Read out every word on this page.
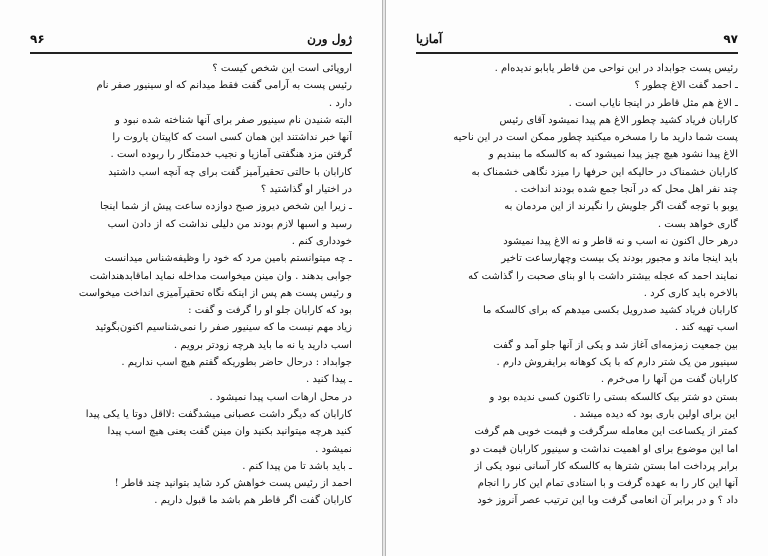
۹۶	ژول ورن
اروپائی است این شخص کیست ؟
رئیس پست به آرامی گفت فقط میدانم که او سینیور صفر نام
دارد .
البته شنیدن نام سینیور صفر برای آنها شناخته شده نبود و
آنها خبر نداشتند این همان کسی است که کاپیتان یاروت را
گرفتن مزد هنگفتی آمازیا و نجیب خدمتگار را ربوده است .
کارابان با حالتی تحقیرآمیز گفت برای چه آنچه اسب داشتید
در اختیار او گذاشتید ؟
ـ زیرا این شخص دیروز صبح دوازده ساعت پیش از شما اینجا
رسید و اسبها لازم بودند من دلیلی نداشت که از دادن اسب
خودداری کنم .
ـ چه میتوانستم بامین مرد که خود را وظیفه‌شناس میدانست
جوابی بدهند . وان مینن میخواست مداخله نماید اماقابدهنداشت
و رئیس پست هم پس از اینکه نگاه تحقیرآمیزی انداخت میخواست
بود که کارابان جلو او را گرفت و گفت :
زیاد مهم نیست ما که سینیور صفر را نمی‌شناسیم اکنون‌بگوئید
اسب دارید یا نه ما باید هرچه زودتر برویم .
جوابداد : درحال حاضر بطوریکه گفتم هیچ اسب نداریم .
ـ پیدا کنید .
در محل ارهات اسب پیدا نمیشود .
کارابان که دیگر داشت عصبانی میشدگفت :لااقل دوتا یا یکی پیدا
کنید هرچه میتوانید بکنید وان مینن گفت یعنی هیچ اسب پیدا
نمیشود .
ـ باید باشد تا من پیدا کنم .
احمد از رئیس پست خواهش کرد شاید بتوانید چند قاطر !
کارابان گفت اگر قاطر هم باشد ما قبول داریم .
آمازیا	۹۷
رئیس پست جوابداد در این نواحی من قاطر یابابو ندیده‌ام .
ـ احمد گفت الاغ چطور ؟
ـ الاغ هم مثل قاطر در اینجا نایاب است .
کارابان فریاد کشید چطور الاغ هم پیدا نمیشود آقای رئیس
پست شما دارید ما را مسخره میکنید چطور ممکن است در این ناحیه
الاغ پیدا نشود هیچ چیز پیدا نمیشود که به کالسکه ما ببندیم و
کارابان خشمناک در حالیکه این حرفها را میزد نگاهی خشمناک به
چند نفر اهل محل که در آنجا جمع شده بودند انداخت .
یوبو با توجه گفت اگر جلویش را نگیرند از این مردمان به
گاری خواهد بست .
درهر حال اکنون نه اسب و نه قاطر و نه الاغ پیدا نمیشود
باید اینجا ماند و مجبور بودند یک بیست وچهارساعت تاخیر
نمایند احمد که عجله بیشتر داشت با او بنای صحبت را گذاشت که
بالاخره باید کاری کرد .
کارابان فریاد کشید صدرویل بکسی میدهم که برای کالسکه ما
اسب تهیه کند .
بین جمعیت زمزمه‌ای آغاز شد و یکی از آنها جلو آمد و گفت
سینیور من یک شتر دارم که با یک کوهانه برایفروش دارم .
کارابان گفت من آنها را می‌خرم .
بستن دو شتر بیک کالسکه بستی را تاکنون کسی ندیده بود و
این برای اولین باری بود که دیده میشد .
کمتر از یکساعت این معامله سرگرفت و قیمت خوبی هم گرفت
اما این موضوع برای او اهمیت نداشت و سینیور کارابان قیمت دو
برابر پرداخت اما بستن شترها به کالسکه کار آسانی نبود یکی از
آنها این کار را به عهده گرفت و با استادی تمام این کار را انجام
داد ؟ و در برابر آن انعامی گرفت وبا این ترتیب عصر آنروز خود
